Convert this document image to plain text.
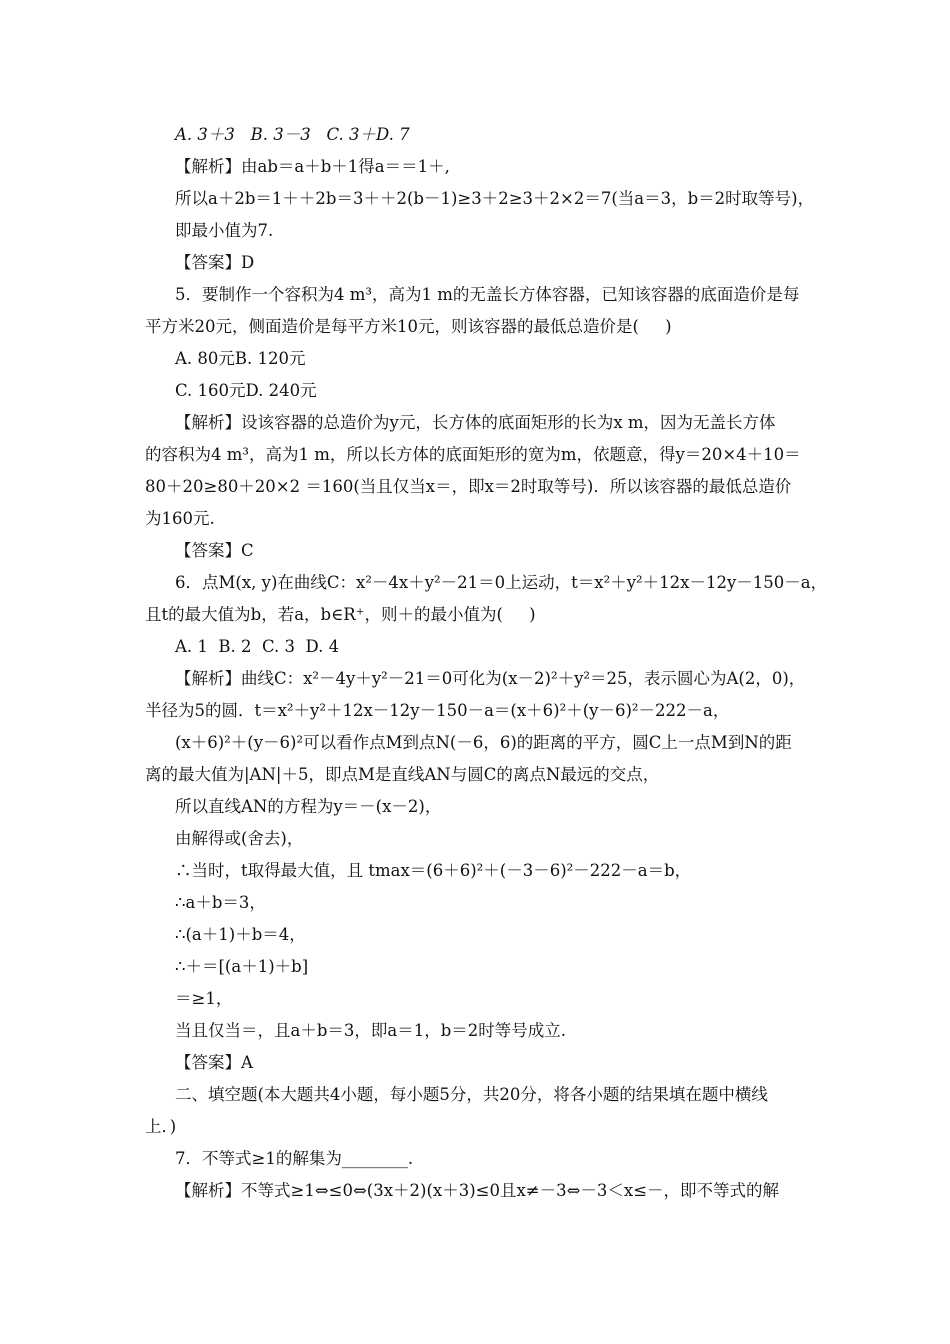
A. 3＋3   B. 3－3   C. 3＋D. 7
【解析】由ab＝a＋b＋1得a＝＝1＋,
所以a＋2b＝1＋＋2b＝3＋＋2(b－1)≥3＋2≥3＋2×2＝7(当a＝3，b＝2时取等号)，
即最小值为7.
【答案】D
5．要制作一个容积为4 m³，高为1 m的无盖长方体容器，已知该容器的底面造价是每
平方米20元，侧面造价是每平方米10元，则该容器的最低总造价是(     )
A. 80元B. 120元
C. 160元D. 240元
【解析】设该容器的总造价为y元，长方体的底面矩形的长为x m，因为无盖长方体
的容积为4 m³，高为1 m，所以长方体的底面矩形的宽为m，依题意，得y＝20×4＋10＝
80＋20≥80＋20×2 ＝160(当且仅当x＝，即x＝2时取等号)．所以该容器的最低总造价
为160元.
【答案】C
6．点M(x, y)在曲线C：x²－4x＋y²－21＝0上运动，t＝x²＋y²＋12x－12y－150－a，
且t的最大值为b，若a，b∈R⁺，则＋的最小值为(     )
A. 1  B. 2  C. 3  D. 4
【解析】曲线C：x²－4y＋y²－21＝0可化为(x－2)²＋y²＝25，表示圆心为A(2，0)，
半径为5的圆．t＝x²＋y²＋12x－12y－150－a＝(x＋6)²＋(y－6)²－222－a，
(x＋6)²＋(y－6)²可以看作点M到点N(－6，6)的距离的平方，圆C上一点M到N的距
离的最大值为|AN|＋5，即点M是直线AN与圆C的离点N最远的交点，
所以直线AN的方程为y＝－(x－2)，
由解得或(舍去)，
∴当时，t取得最大值，且 tmax＝(6＋6)²＋(－3－6)²－222－a＝b，
∴a＋b＝3，
∴(a＋1)＋b＝4，
∴＋＝[(a＋1)＋b]
＝≥1，
当且仅当＝，且a＋b＝3，即a＝1，b＝2时等号成立.
【答案】A
二、填空题(本大题共4小题，每小题5分，共20分，将各小题的结果填在题中横线
上．)
7．不等式≥1的解集为________.
【解析】不等式≥1⇔≤0⇔(3x＋2)(x＋3)≤0且x≠－3⇔－3＜x≤－，即不等式的解
